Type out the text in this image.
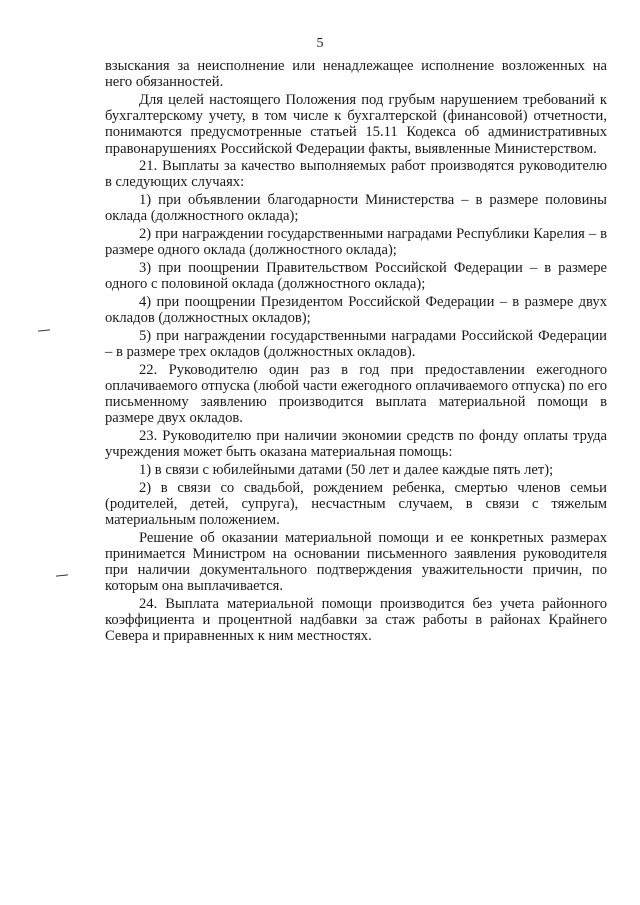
5

взыскания за неисполнение или ненадлежащее исполнение возложенных на него обязанностей.

Для целей настоящего Положения под грубым нарушением требований к бухгалтерскому учету, в том числе к бухгалтерской (финансовой) отчетности, понимаются предусмотренные статьей 15.11 Кодекса об административных правонарушениях Российской Федерации факты, выявленные Министерством.

21. Выплаты за качество выполняемых работ производятся руководителю в следующих случаях:

1) при объявлении благодарности Министерства – в размере половины оклада (должностного оклада);

2) при награждении государственными наградами Республики Карелия – в размере одного оклада (должностного оклада);

3) при поощрении Правительством Российской Федерации – в размере одного с половиной оклада (должностного оклада);

4) при поощрении Президентом Российской Федерации – в размере двух окладов (должностных окладов);

5) при награждении государственными наградами Российской Федерации – в размере трех окладов (должностных окладов).

22. Руководителю один раз в год при предоставлении ежегодного оплачиваемого отпуска (любой части ежегодного оплачиваемого отпуска) по его письменному заявлению производится выплата материальной помощи в размере двух окладов.

23. Руководителю при наличии экономии средств по фонду оплаты труда учреждения может быть оказана материальная помощь:

1) в связи с юбилейными датами (50 лет и далее каждые пять лет);

2) в связи со свадьбой, рождением ребенка, смертью членов семьи (родителей, детей, супруга), несчастным случаем, в связи с тяжелым материальным положением.

Решение об оказании материальной помощи и ее конкретных размерах принимается Министром на основании письменного заявления руководителя при наличии документального подтверждения уважительности причин, по которым она выплачивается.

24. Выплата материальной помощи производится без учета районного коэффициента и процентной надбавки за стаж работы в районах Крайнего Севера и приравненных к ним местностях.
